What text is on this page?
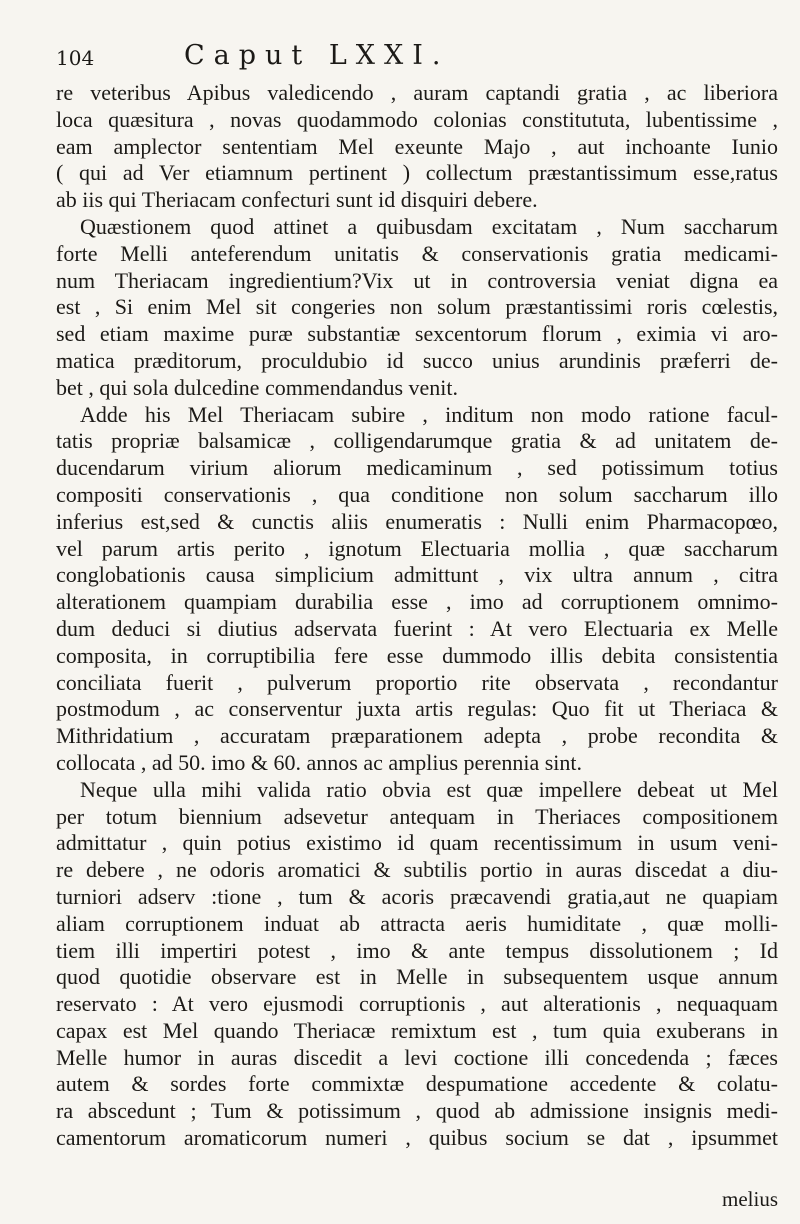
104	Caput LXXI.
re veteribus Apibus valedicendo , auram captandi gratia , ac liberiora
loca quæsitura , novas quodammodo colonias constitututa, lubentissime ,
eam amplector sententiam Mel exeunte Majo , aut inchoante Iunio
( qui ad Ver etiamnum pertinent ) collectum præstantissimum esse,ratus
ab iis qui Theriacam confecturi sunt id disquiri debere.
Quæstionem quod attinet a quibusdam excitatam , Num saccharum
forte Melli anteferendum unitatis & conservationis gratia medicami-
num Theriacam ingredientium?Vix ut in controversia veniat digna ea
est , Si enim Mel sit congeries non solum præstantissimi roris cœlestis,
sed etiam maxime puræ substantiæ sexcentorum florum , eximia vi aro-
matica præditorum, proculdubio id succo unius arundinis præferri de-
bet , qui sola dulcedine commendandus venit.
Adde his Mel Theriacam subire , inditum non modo ratione facul-
tatis propriæ balsamicæ , colligendarumque gratia & ad unitatem de-
ducendarum virium aliorum medicaminum , sed potissimum totius
compositi conservationis , qua conditione non solum saccharum illo
inferius est,sed & cunctis aliis enumeratis : Nulli enim Pharmacopœo,
vel parum artis perito , ignotum Electuaria mollia , quæ saccharum
conglobationis causa simplicium admittunt , vix ultra annum , citra
alterationem quampiam durabilia esse , imo ad corruptionem omnimo-
dum deduci si diutius adservata fuerint : At vero Electuaria ex Melle
composita, in corruptibilia fere esse dummodo illis debita consistentia
conciliata fuerit , pulverum proportio rite observata , recondantur
postmodum , ac conserventur juxta artis regulas: Quo fit ut Theriaca &
Mithridatium , accuratam præparationem adepta , probe recondita &
collocata , ad 50. imo & 60. annos ac amplius perennia sint.
Neque ulla mihi valida ratio obvia est quæ impellere debeat ut Mel
per totum biennium adsevetur antequam in Theriaces compositionem
admittatur , quin potius existimo id quam recentissimum in usum veni-
re debere , ne odoris aromatici & subtilis portio in auras discedat a diu-
turniori adserv :tione , tum & acoris præcavendi gratia,aut ne quapiam
aliam corruptionem induat ab attracta aeris humiditate , quæ molli-
tiem illi impertiri potest , imo & ante tempus dissolutionem ; Id
quod quotidie observare est in Melle in subsequentem usque annum
reservato : At vero ejusmodi corruptionis , aut alterationis , nequaquam
capax est Mel quando Theriacæ remixtum est , tum quia exuberans in
Melle humor in auras discedit a levi coctione illi concedenda ; fæces
autem & sordes forte commixtæ despumatione accedente & colatu-
ra abscedunt ; Tum & potissimum , quod ab admissione insignis medi-
camentorum aromaticorum numeri , quibus socium se dat , ipsummet
melius
